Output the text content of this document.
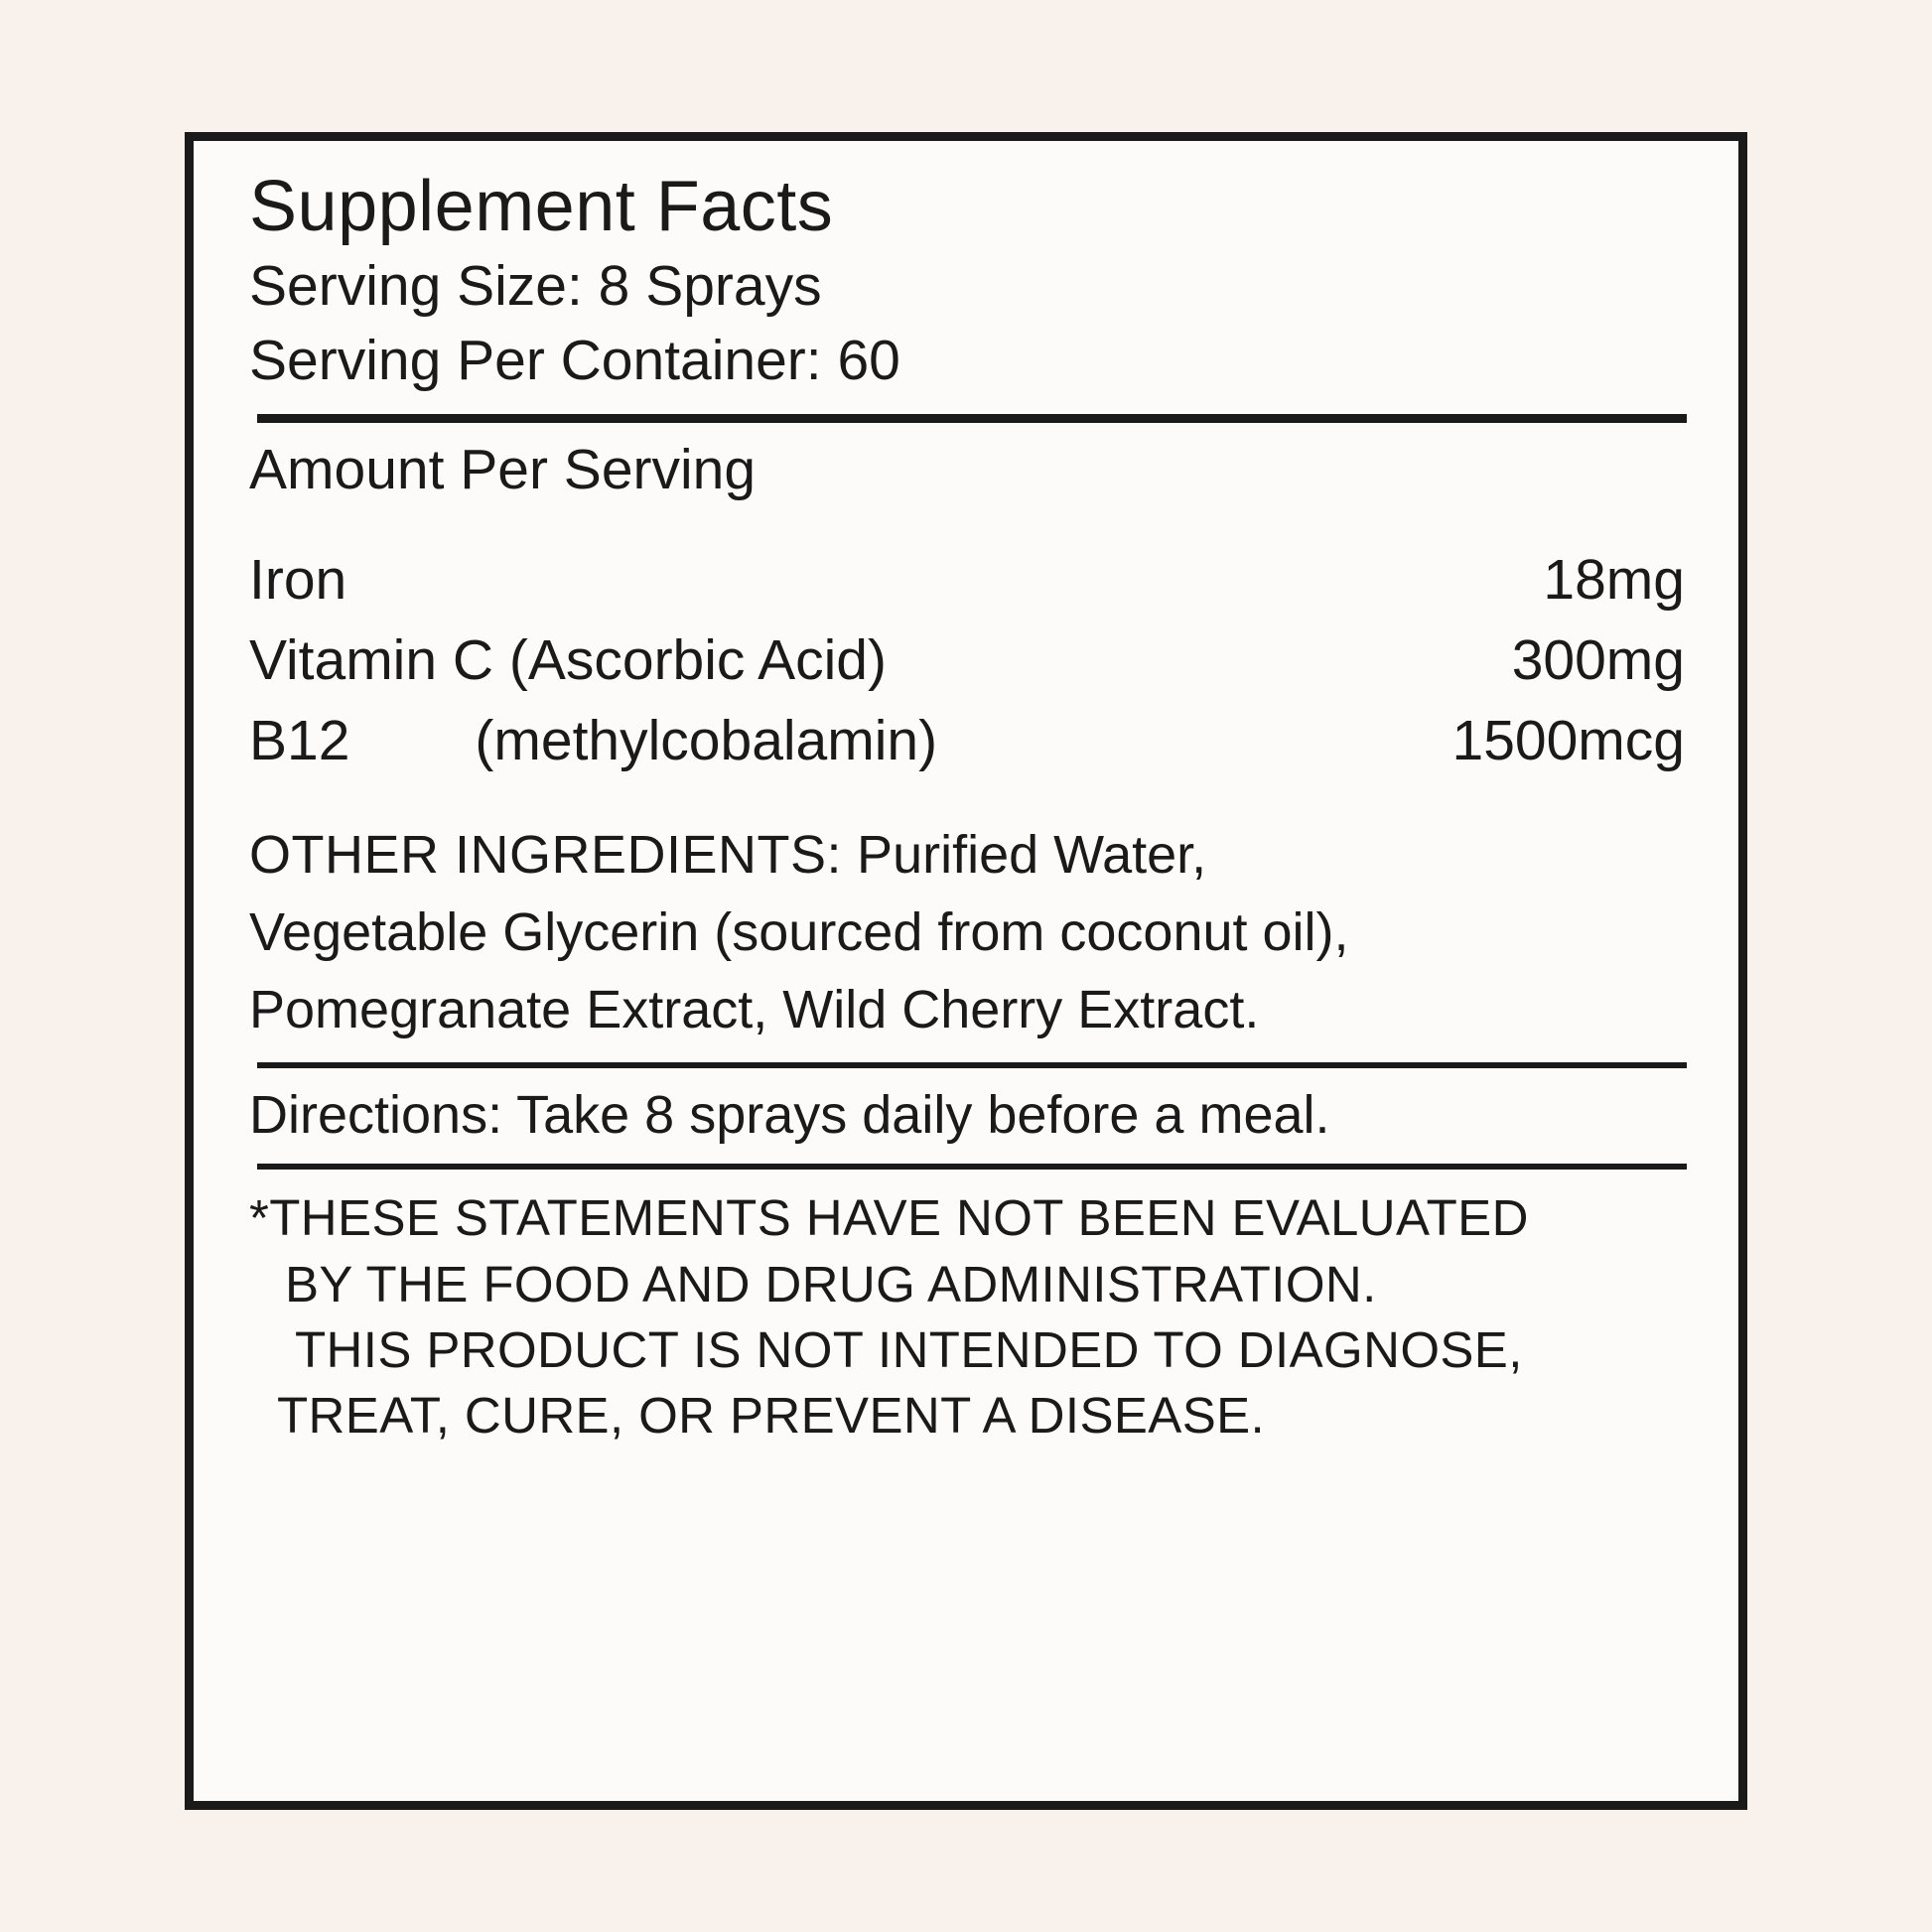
Supplement Facts
Serving Size: 8 Sprays
Serving Per Container: 60
Amount Per Serving
Iron	18mg
Vitamin C (Ascorbic Acid)	300mg
B12 (methylcobalamin)	1500mcg
OTHER INGREDIENTS: Purified Water,
Vegetable Glycerin (sourced from coconut oil),
Pomegranate Extract, Wild Cherry Extract.
Directions: Take 8 sprays daily before a meal.
*THESE STATEMENTS HAVE NOT BEEN EVALUATED
BY THE FOOD AND DRUG ADMINISTRATION.
THIS PRODUCT IS NOT INTENDED TO DIAGNOSE,
TREAT, CURE, OR PREVENT A DISEASE.
